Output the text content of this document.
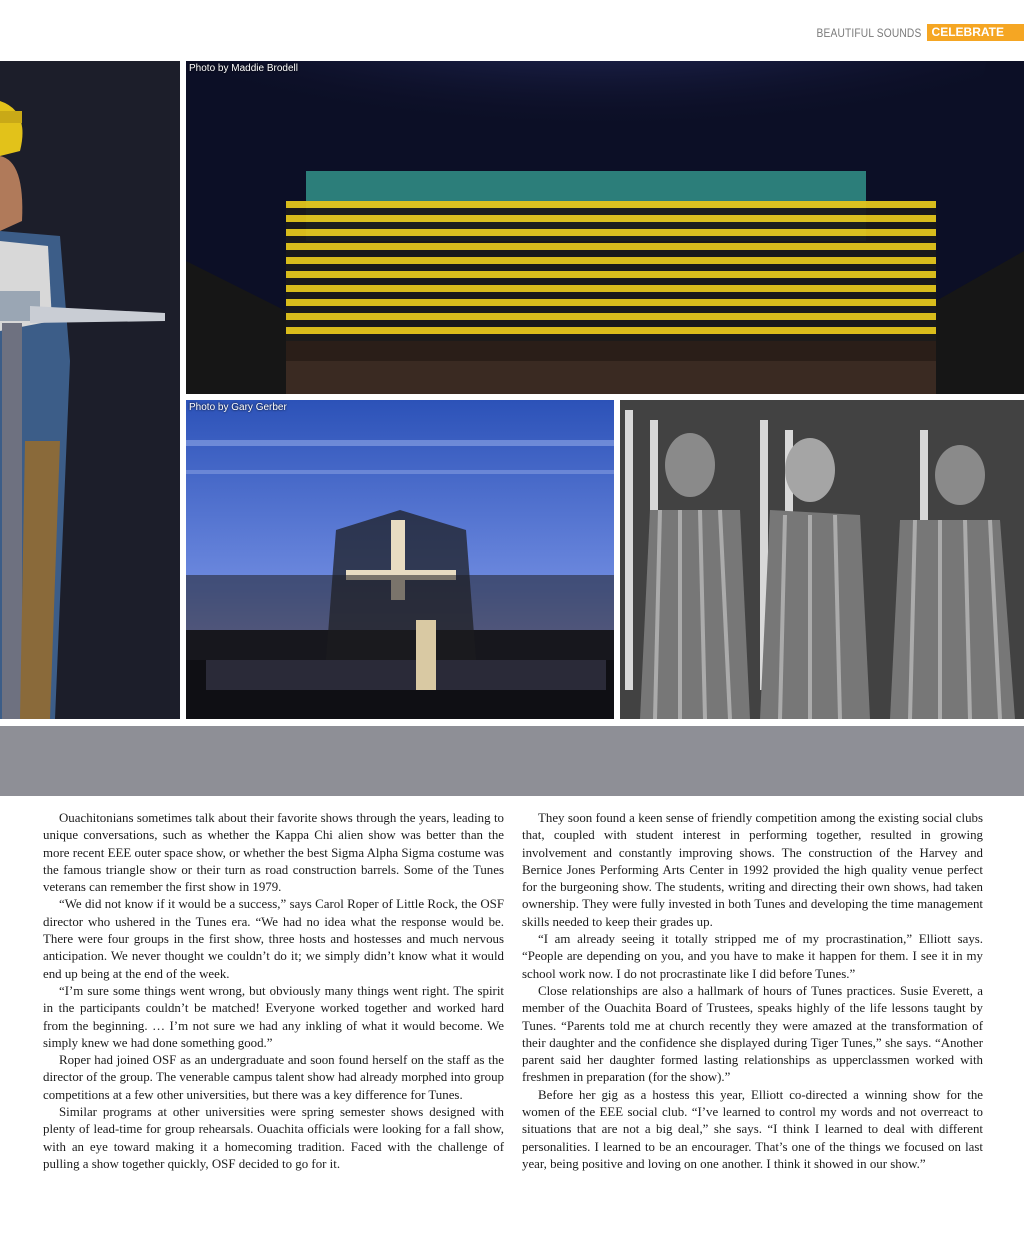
BEAUTIFUL SOUNDS CELEBRATE
Photo by Maddie Brodell
Photo by Gary Gerber

Ouachitonians sometimes talk about their favorite shows through the years, leading to unique conversations, such as whether the Kappa Chi alien show was better than the more recent EEE outer space show, or whether the best Sigma Alpha Sigma costume was the famous triangle show or their turn as road construction barrels. Some of the Tunes veterans can remember the first show in 1979.

“We did not know if it would be a success,” says Carol Roper of Little Rock, the OSF director who ushered in the Tunes era. “We had no idea what the response would be. There were four groups in the first show, three hosts and hostesses and much nervous anticipation. We never thought we couldn’t do it; we simply didn’t know what it would end up being at the end of the week.

“I’m sure some things went wrong, but obviously many things went right. The spirit in the participants couldn’t be matched! Everyone worked together and worked hard from the beginning. … I’m not sure we had any inkling of what it would become. We simply knew we had done something good.”

Roper had joined OSF as an undergraduate and soon found herself on the staff as the director of the group. The venerable campus talent show had already morphed into group competitions at a few other universities, but there was a key difference for Tunes.

Similar programs at other universities were spring semester shows designed with plenty of lead-time for group rehearsals. Ouachita officials were looking for a fall show, with an eye toward making it a homecoming tradition. Faced with the challenge of pulling a show together quickly, OSF decided to go for it.

They soon found a keen sense of friendly competition among the existing social clubs that, coupled with student interest in performing together, resulted in growing involvement and constantly improving shows. The construction of the Harvey and Bernice Jones Performing Arts Center in 1992 provided the high quality venue perfect for the burgeoning show. The students, writing and directing their own shows, had taken ownership. They were fully invested in both Tunes and developing the time management skills needed to keep their grades up.

“I am already seeing it totally stripped me of my procrastination,” Elliott says. “People are depending on you, and you have to make it happen for them. I see it in my school work now. I do not procrastinate like I did before Tunes.”

Close relationships are also a hallmark of hours of Tunes practices. Susie Everett, a member of the Ouachita Board of Trustees, speaks highly of the life lessons taught by Tunes. “Parents told me at church recently they were amazed at the transformation of their daughter and the confidence she displayed during Tiger Tunes,” she says. “Another parent said her daughter formed lasting relationships as upperclassmen worked with freshmen in preparation (for the show).”

Before her gig as a hostess this year, Elliott co-directed a winning show for the women of the EEE social club. “I’ve learned to control my words and not overreact to situations that are not a big deal,” she says. “I think I learned to deal with different personalities. I learned to be an encourager. That’s one of the things we focused on last year, being positive and loving on one another. I think it showed in our show.”
